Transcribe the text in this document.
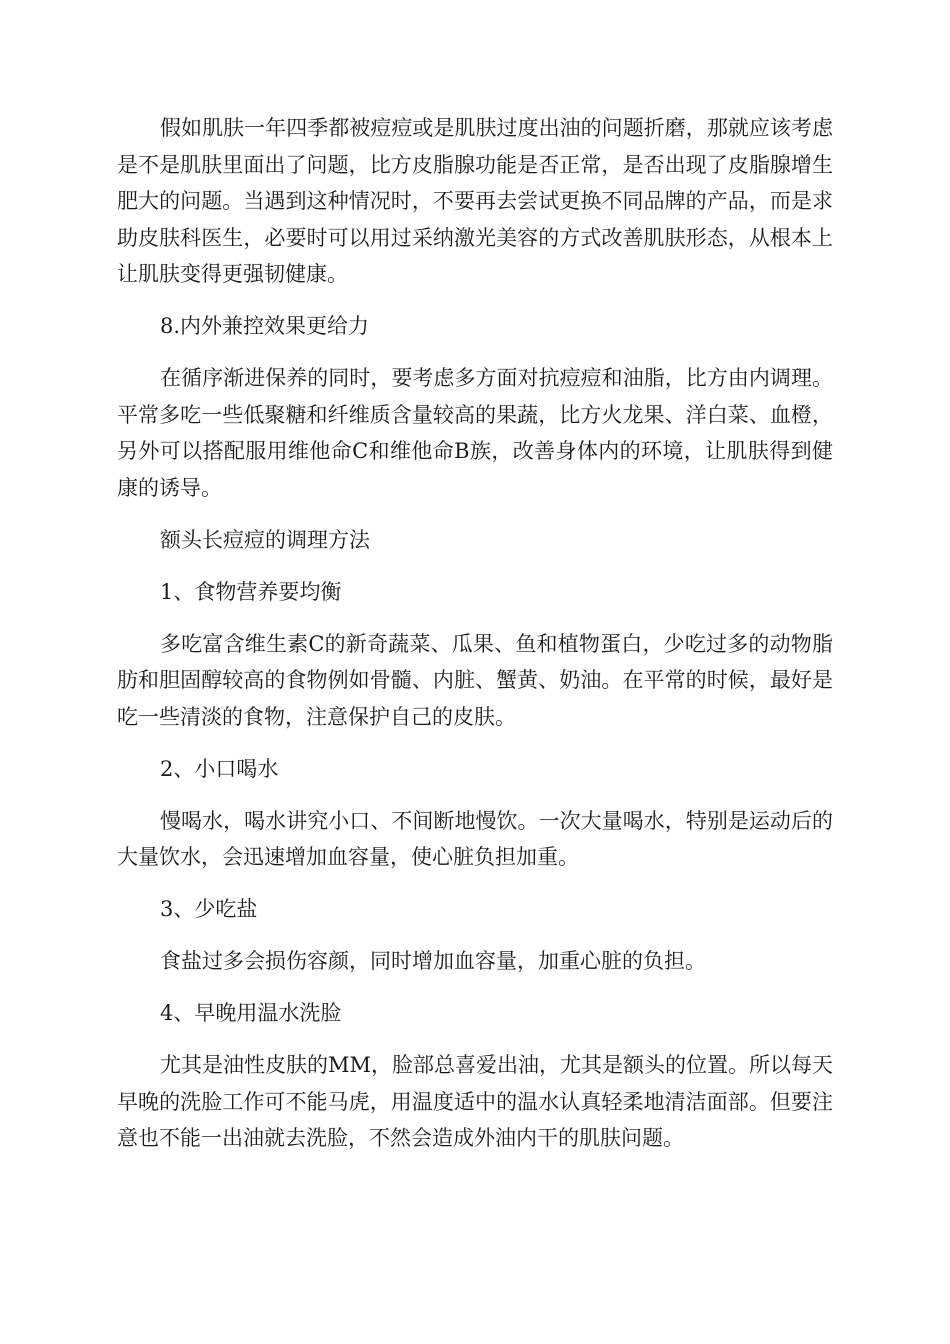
假如肌肤一年四季都被痘痘或是肌肤过度出油的问题折磨，那就应该考虑是不是肌肤里面出了问题，比方皮脂腺功能是否正常，是否出现了皮脂腺增生肥大的问题。当遇到这种情况时，不要再去尝试更换不同品牌的产品，而是求助皮肤科医生，必要时可以用过采纳激光美容的方式改善肌肤形态，从根本上让肌肤变得更强韧健康。

8.内外兼控效果更给力

在循序渐进保养的同时，要考虑多方面对抗痘痘和油脂，比方由内调理。平常多吃一些低聚糖和纤维质含量较高的果蔬，比方火龙果、洋白菜、血橙，另外可以搭配服用维他命C和维他命B族，改善身体内的环境，让肌肤得到健康的诱导。

额头长痘痘的调理方法

1、食物营养要均衡

多吃富含维生素C的新奇蔬菜、瓜果、鱼和植物蛋白，少吃过多的动物脂肪和胆固醇较高的食物例如骨髓、内脏、蟹黄、奶油。在平常的时候，最好是吃一些清淡的食物，注意保护自己的皮肤。

2、小口喝水

慢喝水，喝水讲究小口、不间断地慢饮。一次大量喝水，特别是运动后的大量饮水，会迅速增加血容量，使心脏负担加重。

3、少吃盐

食盐过多会损伤容颜，同时增加血容量，加重心脏的负担。

4、早晚用温水洗脸

尤其是油性皮肤的MM，脸部总喜爱出油，尤其是额头的位置。所以每天早晚的洗脸工作可不能马虎，用温度适中的温水认真轻柔地清洁面部。但要注意也不能一出油就去洗脸，不然会造成外油内干的肌肤问题。
